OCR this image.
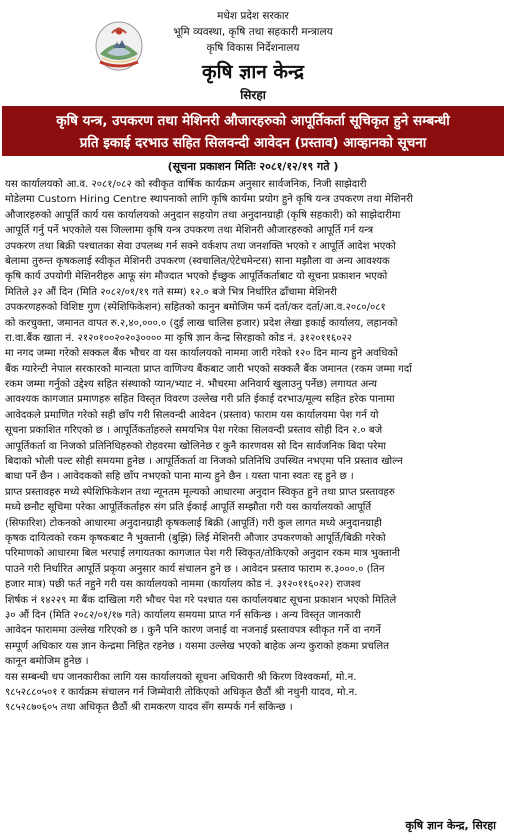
मधेश प्रदेश सरकार
भूमि व्यवस्था, कृषि तथा सहकारी मन्त्रालय
कृषि विकास निर्देशनालय
कृषि ज्ञान केन्द्र
सिरहा
कृषि यन्त्र, उपकरण तथा मेशिनरी औजारहरुको आपूर्तिकर्ता सूचिकृत हुने सम्बन्धी
प्रति इकाई दरभाउ सहित सिलवन्दी आवेदन (प्रस्ताव) आव्हानको सूचना
(सूचना प्रकाशन मितिः २०८१/१२/१९ गते )
यस कार्यालयको आ.व. २०८१/०८२ को स्वीकृत वार्षिक कार्यक्रम अनुसार सार्वजनिक, निजी साझेदारी
मोडेलमा Custom Hiring Centre स्थापनाको लागि कृषि कार्यमा प्रयोग हुने कृषि यन्त्र उपकरण तथा मेशिनरी
औजारहरुको आपूर्ति कार्य यस कार्यालयको अनुदान सहयोग तथा अनुदानग्राही (कृषि सहकारी) को साझेदारीमा
आपूर्ति गर्नु पर्ने भएकोले यस जिल्लामा कृषि यन्त्र उपकरण तथा मेशिनरी औजारहरुको आपूर्ति गर्न यन्त्र
उपकरण तथा बिक्री पश्चातका सेवा उपलब्ध गर्न सक्ने वर्कशप तथा जनशक्ति भएको र आपूर्ति आदेश भएको
बेलामा तुरुन्त कृषकलाई स्वीकृत मेशिनरी उपकरण (स्वचालित/ऐटेचमेन्टस) साना मझौला वा अन्य आवश्यक
कृषि कार्य उपयोगी मेशिनरीहरु आफू संग मौज्दात भएको ईच्छुक आपूर्तिकर्ताबाट यो सूचना प्रकाशन भएको
मितिले ३२ औं दिन (मिति २०८२/०१/१९ गते सम्म) १२.० बजे भित्र निर्धारित ढाँचामा मेशिनरी
उपकरणहरुको विशिष्ट गुण (स्पेशिफिकेशन) सहितको कानुन बमोजिम फर्म दर्ता/कर दर्ता/आ.व.२०८०/०८१
को करचुक्ता, जमानत वापत रु.२,४०,०००.० (दुई लाख चालिस हजार) प्रदेश लेखा इकाई कार्यालय, लहानको
रा.वा.बैंक खाता नं. २१२०१००२०२०३०००० मा कृषि ज्ञान केन्द्र सिरहाको कोड नं. ३१२०११६०२२
मा नगद जम्मा गरेको सक्कल बैंक भौचर वा यस कार्यालयको नाममा जारी गरेको १२० दिन मान्य हुने अवधिको
बैंक ग्यारेन्टी नेपाल सरकारको मान्यता प्राप्त वाणिज्य बैंकबाट जारी भएको सक्कलै बैंक जमानत (रकम जम्मा गर्दा
रकम जम्मा गर्नुको उद्देश्य सहित संस्थाको प्यान/भ्याट नं. भौचरमा अनिवार्य खुलाउनु पर्नेछ) लगायत अन्य
आवश्यक कागजात प्रमाणहरु सहित विस्तृत विवरण उल्लेख गरी प्रति ईकाई दरभाउ/मूल्य सहित हरेक पानामा
आवेदकले प्रमाणित गरेको सही छाँप गरी सिलवन्दी आवेदन (प्रस्ताव) फाराम यस कार्यालयमा पेश गर्न यो
सूचना प्रकाशित गरिएको छ । आपूर्तिकर्ताहरुले समयभित्र पेश गरेका सिलवन्दी प्रस्ताव सोही दिन २.० बजे
आपूर्तिकर्ता वा निजको प्रतिनिधिहरुको रोहवरमा खोलिनेछ र कुनै कारणवस सो दिन सार्वजनिक बिदा परेमा
बिदाको भोली पल्ट सोही समयमा हुनेछ । आपूर्तिकर्ता वा निजको प्रतिनिधि उपस्थित नभएमा पनि प्रस्ताव खोल्न
बाधा पर्ने छैन । आवेदकको सहि छाँप नभएको पाना मान्य हुने छैन । यस्ता पाना स्वतः रद्द हुने छ ।
प्राप्त प्रस्तावहरु मध्ये स्पेशिफिकेशन तथा न्यूनतम मूल्यको आधारमा अनुदान स्विकृत हुने तथा प्राप्त प्रस्तावहरु
मध्ये छनौट सूचिमा परेका आपूर्तिकर्ताहरु संग प्रति ईकाई आपूर्ति सम्झौता गरी यस कार्यालयको आपूर्ति
(सिफारिश) टोकनको आधारमा अनुदानग्राही कृषकलाई बिक्री (आपूर्ति) गरी कुल लागत मध्ये अनुदानग्राही
कृषक दायित्वको रकम कृषकबाट नै भुक्तानी (बुझि) लिई मेशिनरी औजार उपकरणको आपूर्ति/बिक्री गरेको
परिमाणको आधारमा बिल भरपाई लगायतका कागजात पेश गरी स्विकृत/तोकिएको अनुदान रकम मात्र भुक्तानी
पाउने गरी निर्धारित आपूर्ति प्रकृया अनुसार कार्य संचालन हुने छ । आवेदन प्रस्ताव फाराम रु.३०००.० (तिन
हजार मात्र) पछी फर्त नहुने गरी यस कार्यालयको नाममा (कार्यालय कोड नं. ३१२०११६०२२) राजश्व
शिर्षक नं १४२२९ मा बैंक दाखिला गरी भौचर पेश गरे पश्चात यस कार्यालयबाट सूचना प्रकाशन भएको मितिले
३० औं दिन (मिति २०८२/०१/१७ गते) कार्यालय समयमा प्राप्त गर्न सकिन्छ । अन्य विस्तृत जानकारी
आवेदन फाराममा उल्लेख गरिएको छ । कुनै पनि कारण जनाई वा नजनाई प्रस्तावपत्र स्वीकृत गर्ने वा नगर्ने
सम्पूर्ण अधिकार यस ज्ञान केन्द्रमा निहित रहनेछ । यसमा उल्लेख भएको बाहेक अन्य कुराको हकमा प्रचलित
कानून बमोजिम हुनेछ ।
यस सम्बन्धी थप जानकारीका लागि यस कार्यालयको सूचना अधिकारी श्री किरण विश्वकर्मा, मो.न.
९८५२८८०५०१ र कार्यक्रम संचालन गर्न जिम्मेवारी तोकिएको अधिकृत छैठौं श्री नथुनी यादव, मो.न.
९८५२८७०६०५ तथा अधिकृत छैठौं श्री रामकरण यादव सँग सम्पर्क गर्न सकिन्छ ।
कृषि ज्ञान केन्द्र, सिरहा
